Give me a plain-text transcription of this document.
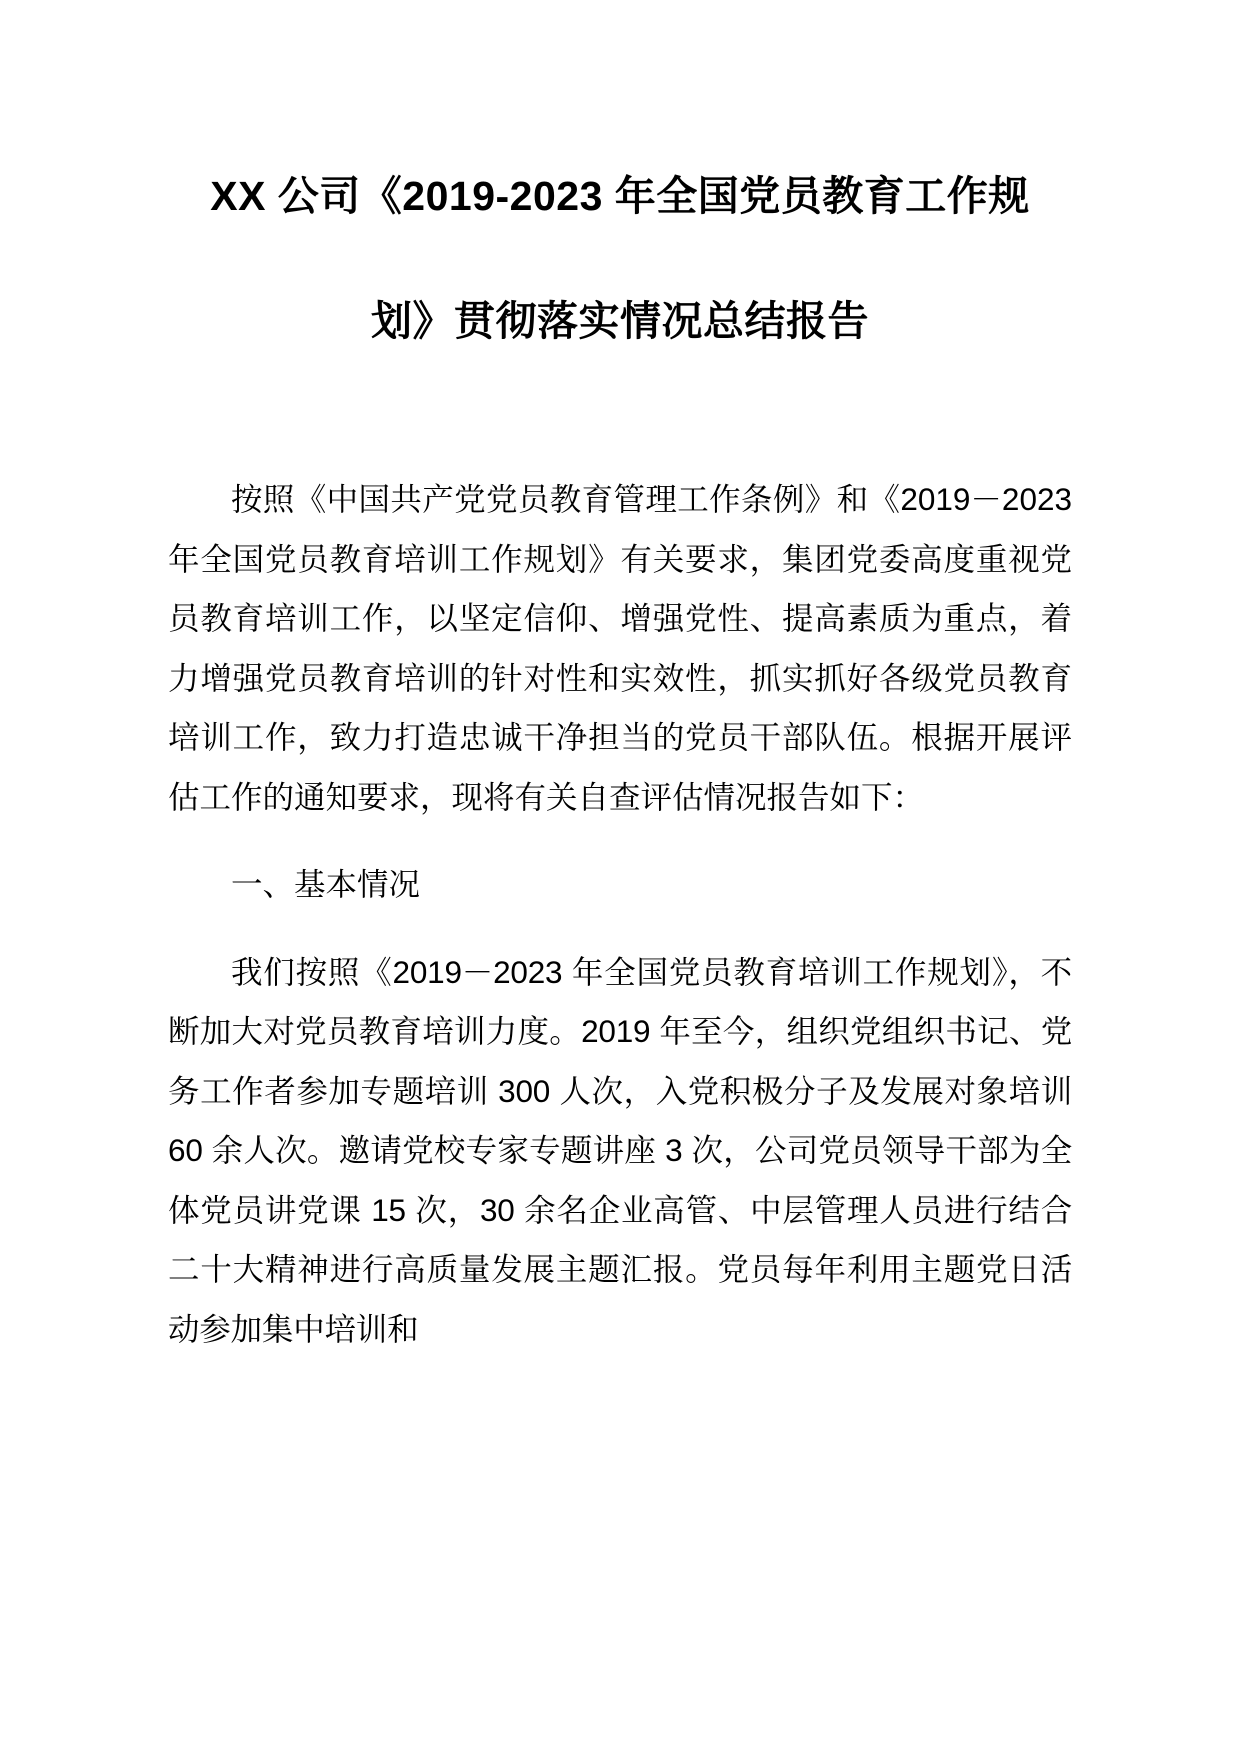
XX 公司《2019-2023 年全国党员教育工作规
划》贯彻落实情况总结报告

按照《中国共产党党员教育管理工作条例》和《2019－2023 年全国党员教育培训工作规划》有关要求，集团党委高度重视党员教育培训工作，以坚定信仰、增强党性、提高素质为重点，着力增强党员教育培训的针对性和实效性，抓实抓好各级党员教育培训工作，致力打造忠诚干净担当的党员干部队伍。根据开展评估工作的通知要求，现将有关自查评估情况报告如下：

一、基本情况

我们按照《2019－2023 年全国党员教育培训工作规划》，不断加大对党员教育培训力度。2019 年至今，组织党组织书记、党务工作者参加专题培训 300 人次，入党积极分子及发展对象培训 60 余人次。邀请党校专家专题讲座 3 次，公司党员领导干部为全体党员讲党课 15 次，30 余名企业高管、中层管理人员进行结合二十大精神进行高质量发展主题汇报。党员每年利用主题党日活动参加集中培训和
